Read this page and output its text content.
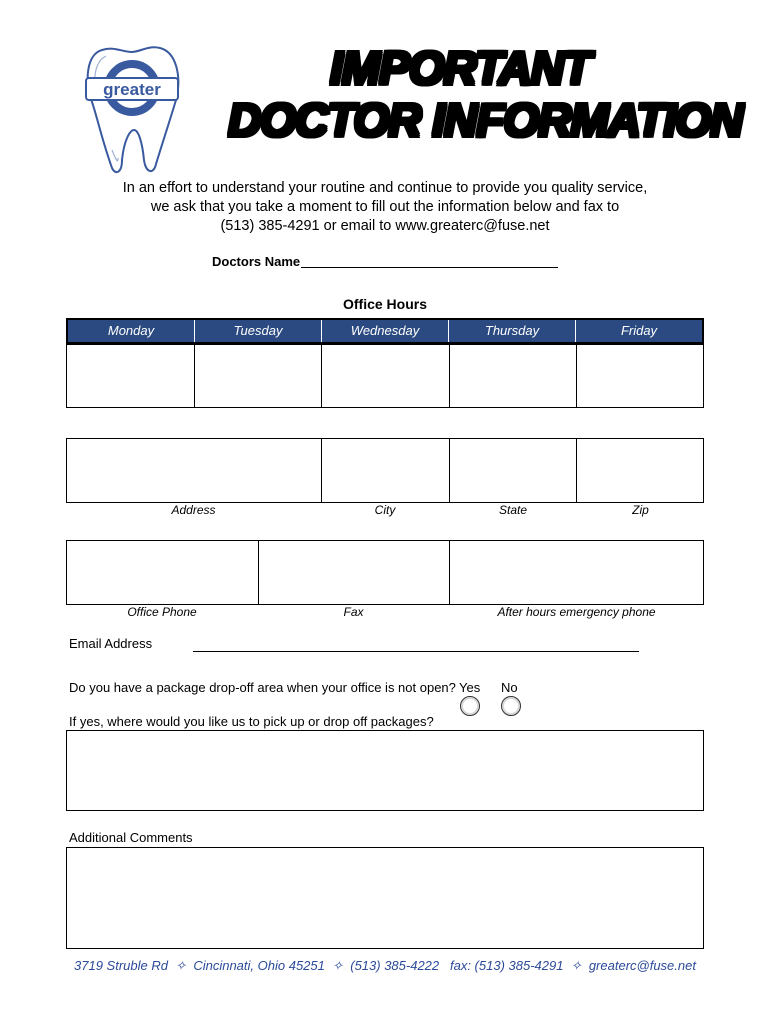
greater	IMPORTANT
DOCTOR INFORMATION
In an effort to understand your routine and continue to provide you quality service,
we ask that you take a moment to fill out the information below and fax to
(513) 385-4291 or email to www.greaterc@fuse.net
Doctors Name
Office Hours
Monday	Tuesday	Wednesday	Thursday	Friday
Address	City	State	Zip
Office Phone	Fax	After hours emergency phone
Email Address
Do you have a package drop-off area when your office is not open? Yes No
If yes, where would you like us to pick up or drop off packages?
Additional Comments
3719 Struble Rd ✧ Cincinnati, Ohio 45251 ✧ (513) 385-4222 fax: (513) 385-4291 ✧ greaterc@fuse.net
